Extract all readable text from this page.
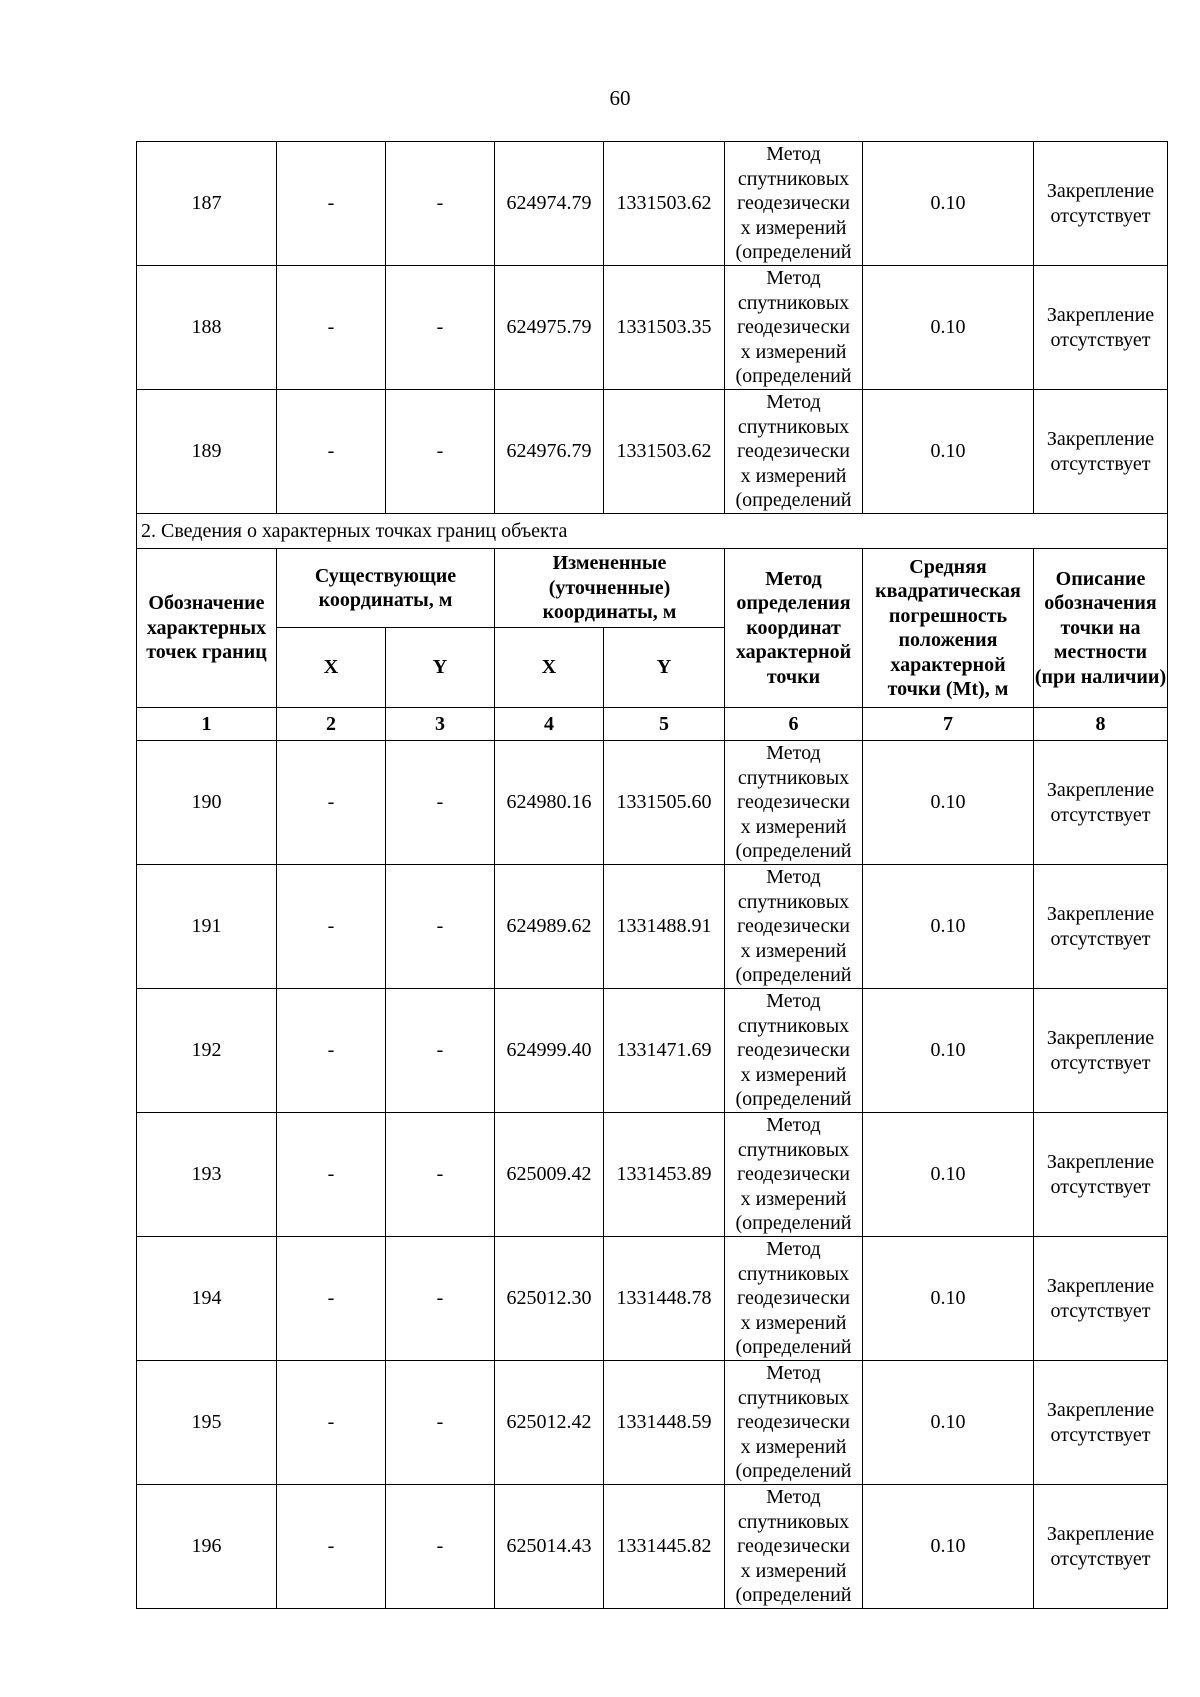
60
187	-	-	624974.79	1331503.62	Метод
спутниковых
геодезически
х измерений
(определений	0.10	Закрепление отсутствует
188	-	-	624975.79	1331503.35	Метод
спутниковых
геодезически
х измерений
(определений	0.10	Закрепление отсутствует
189	-	-	624976.79	1331503.62	Метод
спутниковых
геодезически
х измерений
(определений	0.10	Закрепление отсутствует
2. Сведения о характерных точках границ объекта							
Обозначение характерных точек границ	Существующие координаты, м		Измененные (уточненные) координаты, м		Метод определения координат характерной точки	Средняя квадратическая погрешность положения характерной точки (Mt), м	Описание обозначения точки на местности (при наличии)
	X	Y	X	Y			
1	2	3	4	5	6	7	8
190	-	-	624980.16	1331505.60	Метод
спутниковых
геодезически
х измерений
(определений	0.10	Закрепление отсутствует
191	-	-	624989.62	1331488.91	Метод
спутниковых
геодезически
х измерений
(определений	0.10	Закрепление отсутствует
192	-	-	624999.40	1331471.69	Метод
спутниковых
геодезически
х измерений
(определений	0.10	Закрепление отсутствует
193	-	-	625009.42	1331453.89	Метод
спутниковых
геодезически
х измерений
(определений	0.10	Закрепление отсутствует
194	-	-	625012.30	1331448.78	Метод
спутниковых
геодезически
х измерений
(определений	0.10	Закрепление отсутствует
195	-	-	625012.42	1331448.59	Метод
спутниковых
геодезически
х измерений
(определений	0.10	Закрепление отсутствует
196	-	-	625014.43	1331445.82	Метод
спутниковых
геодезически
х измерений
(определений	0.10	Закрепление отсутствует
